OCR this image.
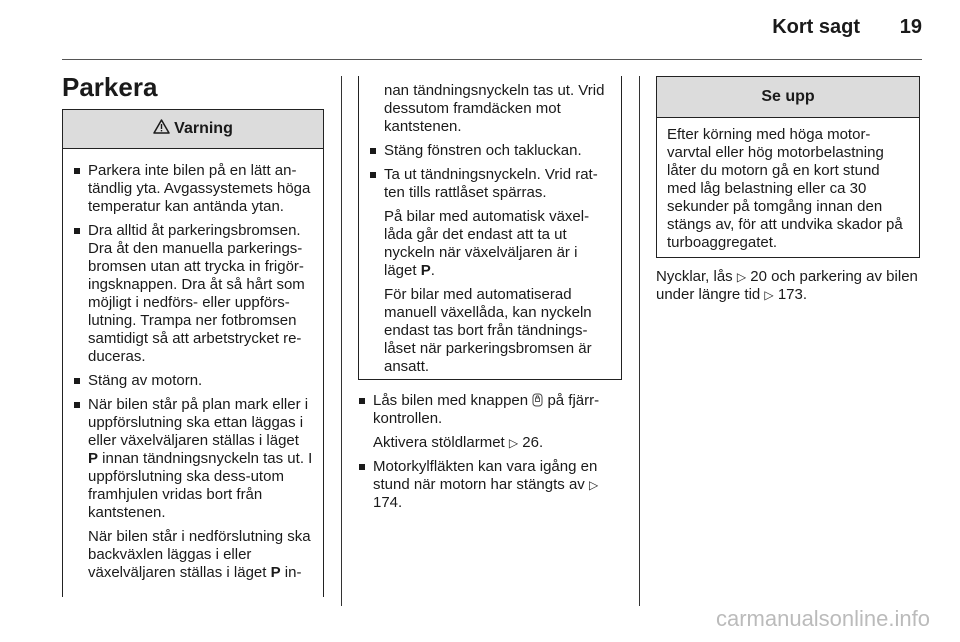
Kort sagt	19
Parkera
Varning
Parkera inte bilen på en lätt an-tändlig yta. Avgassystemets höga temperatur kan antända ytan.
Dra alltid åt parkeringsbromsen. Dra åt den manuella parkerings-bromsen utan att trycka in frigör-ingsknappen. Dra åt så hårt som möjligt i nedförs- eller uppförs-lutning. Trampa ner fotbromsen samtidigt så att arbetstrycket re-duceras.
Stäng av motorn.
När bilen står på plan mark eller i uppförslutning ska ettan läggas i eller växelväljaren ställas i läget P innan tändningsnyckeln tas ut. I uppförslutning ska dess-utom framhjulen vridas bort från kantstenen.

När bilen står i nedförslutning ska backväxlen läggas i eller växelväljaren ställas i läget P in-

nan tändningsnyckeln tas ut. Vrid dessutom framdäcken mot kantstenen.

Stäng fönstren och takluckan.
Ta ut tändningsnyckeln. Vrid rat-ten tills rattlåset spärras.

På bilar med automatisk växel-låda går det endast att ta ut nyckeln när växelväljaren är i läget P.

För bilar med automatiserad manuell växellåda, kan nyckeln endast tas bort från tändnings-låset när parkeringsbromsen är ansatt.

Lås bilen med knappen  på fjärr-kontrollen.

Aktivera stöldlarmet ▷ 26.

Motorkylfläkten kan vara igång en stund när motorn har stängts av ▷ 174.
Se upp
Efter körning med höga motor-varvtal eller hög motorbelastning låter du motorn gå en kort stund med låg belastning eller ca 30 sekunder på tomgång innan den stängs av, för att undvika skador på turboaggregatet.
Nycklar, lås ▷ 20 och parkering av bilen under längre tid ▷ 173.
carmanualsonline.info
